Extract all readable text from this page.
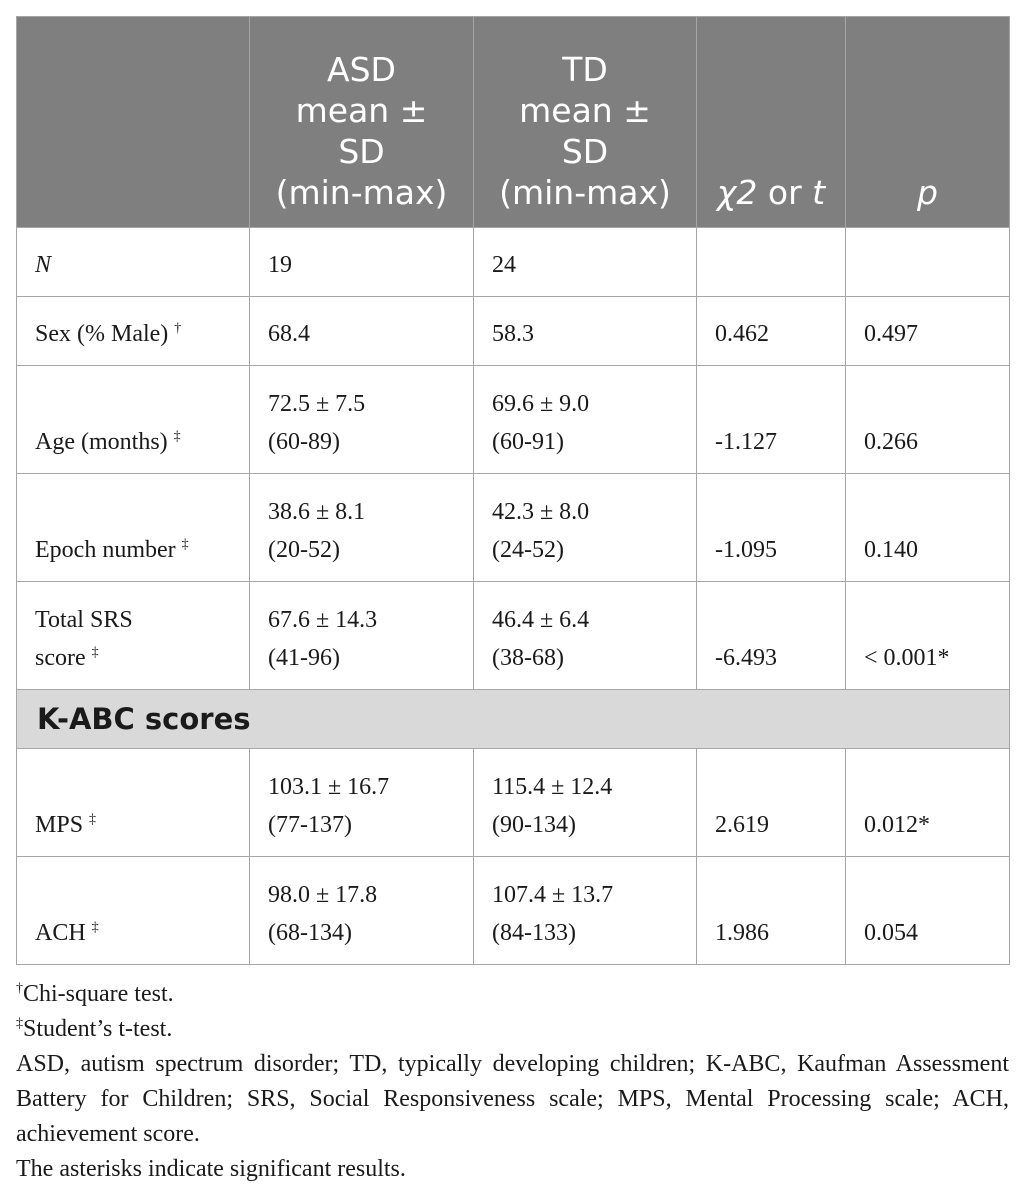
	ASD
mean ±
SD
(min-max)	TD
mean ±
SD
(min-max)	χ2 or t	p
N	19	24		

Sex (% Male) †	68.4	58.3	0.462	0.497
Age (months) ‡	72.5 ± 7.5
(60-89)	69.6 ± 9.0
(60-91)	-1.127	0.266
Epoch number ‡	38.6 ± 8.1
(20-52)	42.3 ± 8.0
(24-52)	-1.095	0.140

Total SRS
score ‡	67.6 ± 14.3
(41-96)	46.4 ± 6.4
(38-68)	-6.493	< 0.001*
K-ABC scores				
MPS ‡	103.1 ± 16.7
(77-137)	115.4 ± 12.4
(90-134)	2.619	0.012*
ACH ‡	98.0 ± 17.8
(68-134)	107.4 ± 13.7
(84-133)	1.986	0.054

†Chi-square test.

‡Student’s t-test.

ASD, autism spectrum disorder; TD, typically developing children; K-ABC, Kaufman Assessment Battery for Children; SRS, Social Responsiveness scale; MPS, Mental Processing scale; ACH, achievement score.

The asterisks indicate significant results.
